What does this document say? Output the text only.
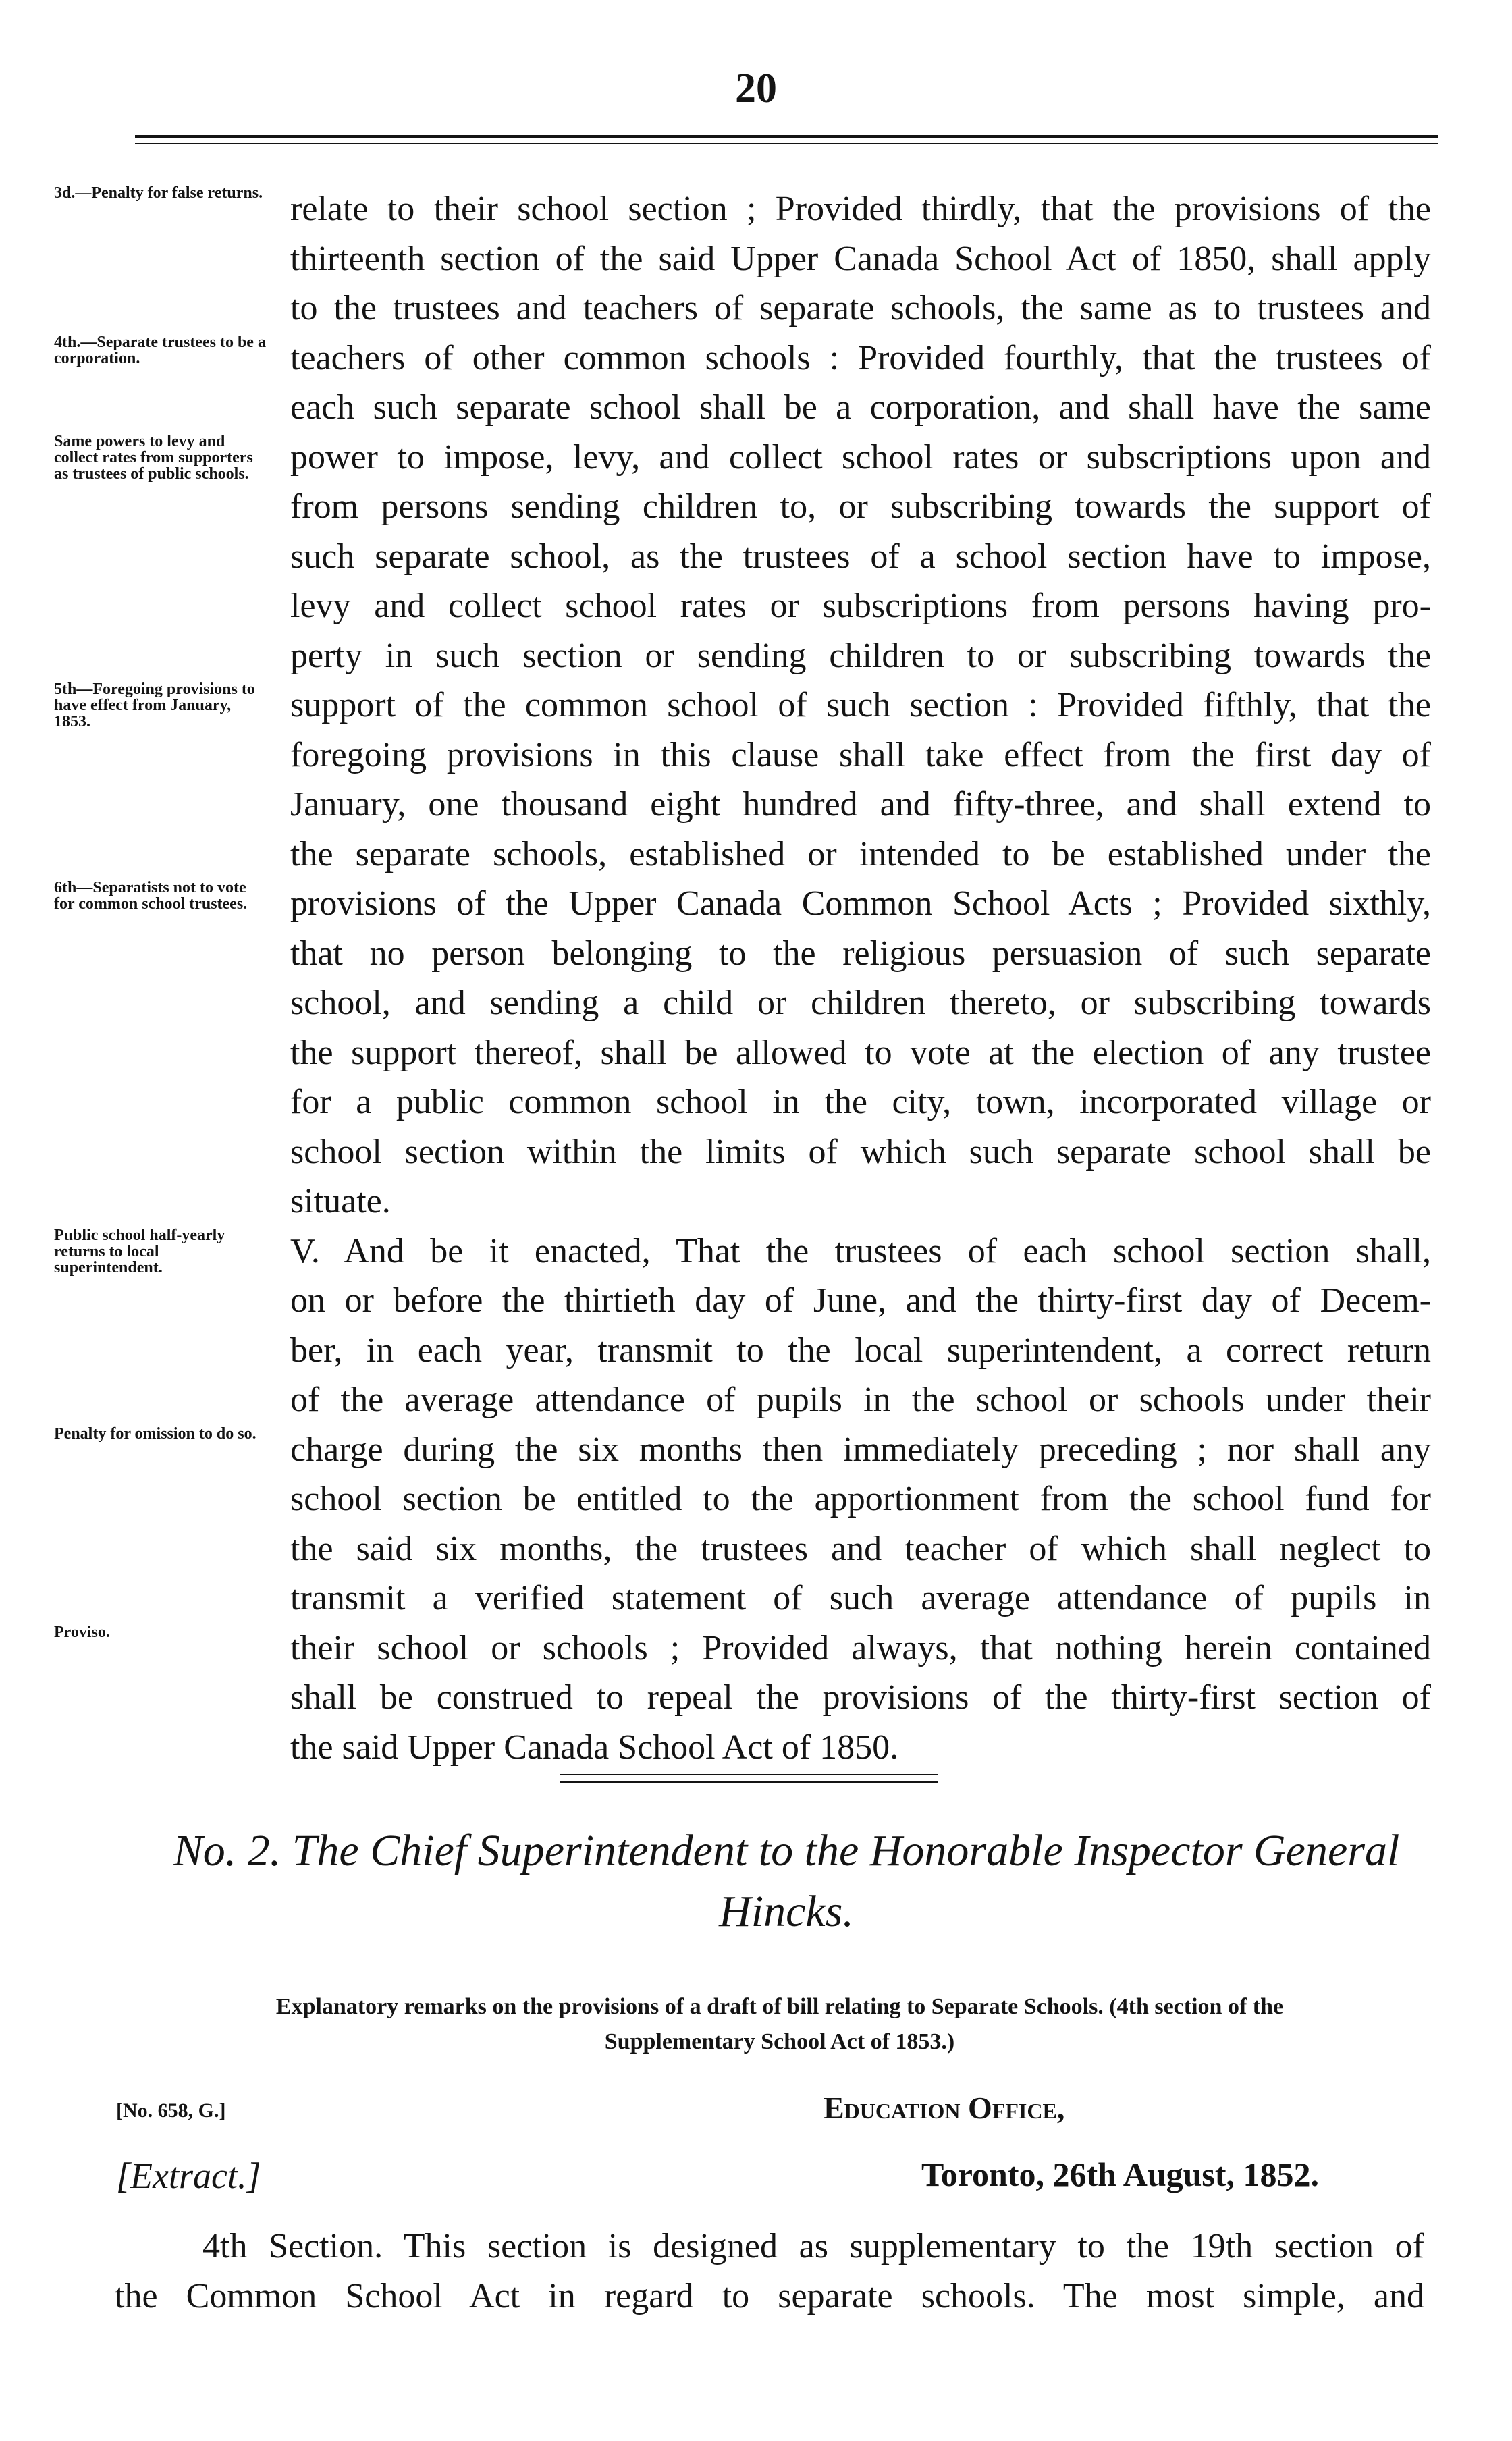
20
3d.—Penalty for false returns. relate to their school section ; Provided thirdly, that the provisions of the
thirteenth section of the said Upper Canada School Act of 1850, shall apply
to the trustees and teachers of separate schools, the same as to trustees and
4th.—Separate trustees to be a corporation.	teachers of other common schools : Provided fourthly, that the trustees of
each such separate school shall be a corporation, and shall have the same
Same powers to levy and collect rates from supporters as trustees of public schools.	power to impose, levy, and collect school rates or subscriptions upon and
from persons sending children to, or subscribing towards the support of
such separate school, as the trustees of a school section have to impose,
levy and collect school rates or subscriptions from persons having pro-
perty in such section or sending children to or subscribing towards the
5th—Foregoing provisions to have effect from January, 1853.	support of the common school of such section : Provided fifthly, that the
foregoing provisions in this clause shall take effect from the first day of
January, one thousand eight hundred and fifty-three, and shall extend to
the separate schools, established or intended to be established under the
6th—Separatists not to vote for common school trustees.	provisions of the Upper Canada Common School Acts ; Provided sixthly,
that no person belonging to the religious persuasion of such separate
school, and sending a child or children thereto, or subscribing towards
the support thereof, shall be allowed to vote at the election of any trustee
for a public common school in the city, town, incorporated village or
school section within the limits of which such separate school shall be
situate.
Public school half-yearly returns to local superintendent.	V. And be it enacted, That the trustees of each school section shall,
on or before the thirtieth day of June, and the thirty-first day of Decem-
ber, in each year, transmit to the local superintendent, a correct return
of the average attendance of pupils in the school or schools under their
Penalty for omission to do so. charge during the six months then immediately preceding ; nor shall any
school section be entitled to the apportionment from the school fund for
the said six months, the trustees and teacher of which shall neglect to
transmit a verified statement of such average attendance of pupils in
Proviso.	their school or schools ; Provided always, that nothing herein contained
shall be construed to repeal the provisions of the thirty-first section of
the said Upper Canada School Act of 1850.
No. 2. The Chief Superintendent to the Honorable Inspector General
Hincks.
Explanatory remarks on the provisions of a draft of bill relating to Separate Schools. (4th section of the
Supplementary School Act of 1853.)
[No. 658, G.]	Education Office,
[Extract.]	Toronto, 26th August, 1852.
4th Section. This section is designed as supplementary to the 19th section of
the Common School Act in regard to separate schools. The most simple, and
